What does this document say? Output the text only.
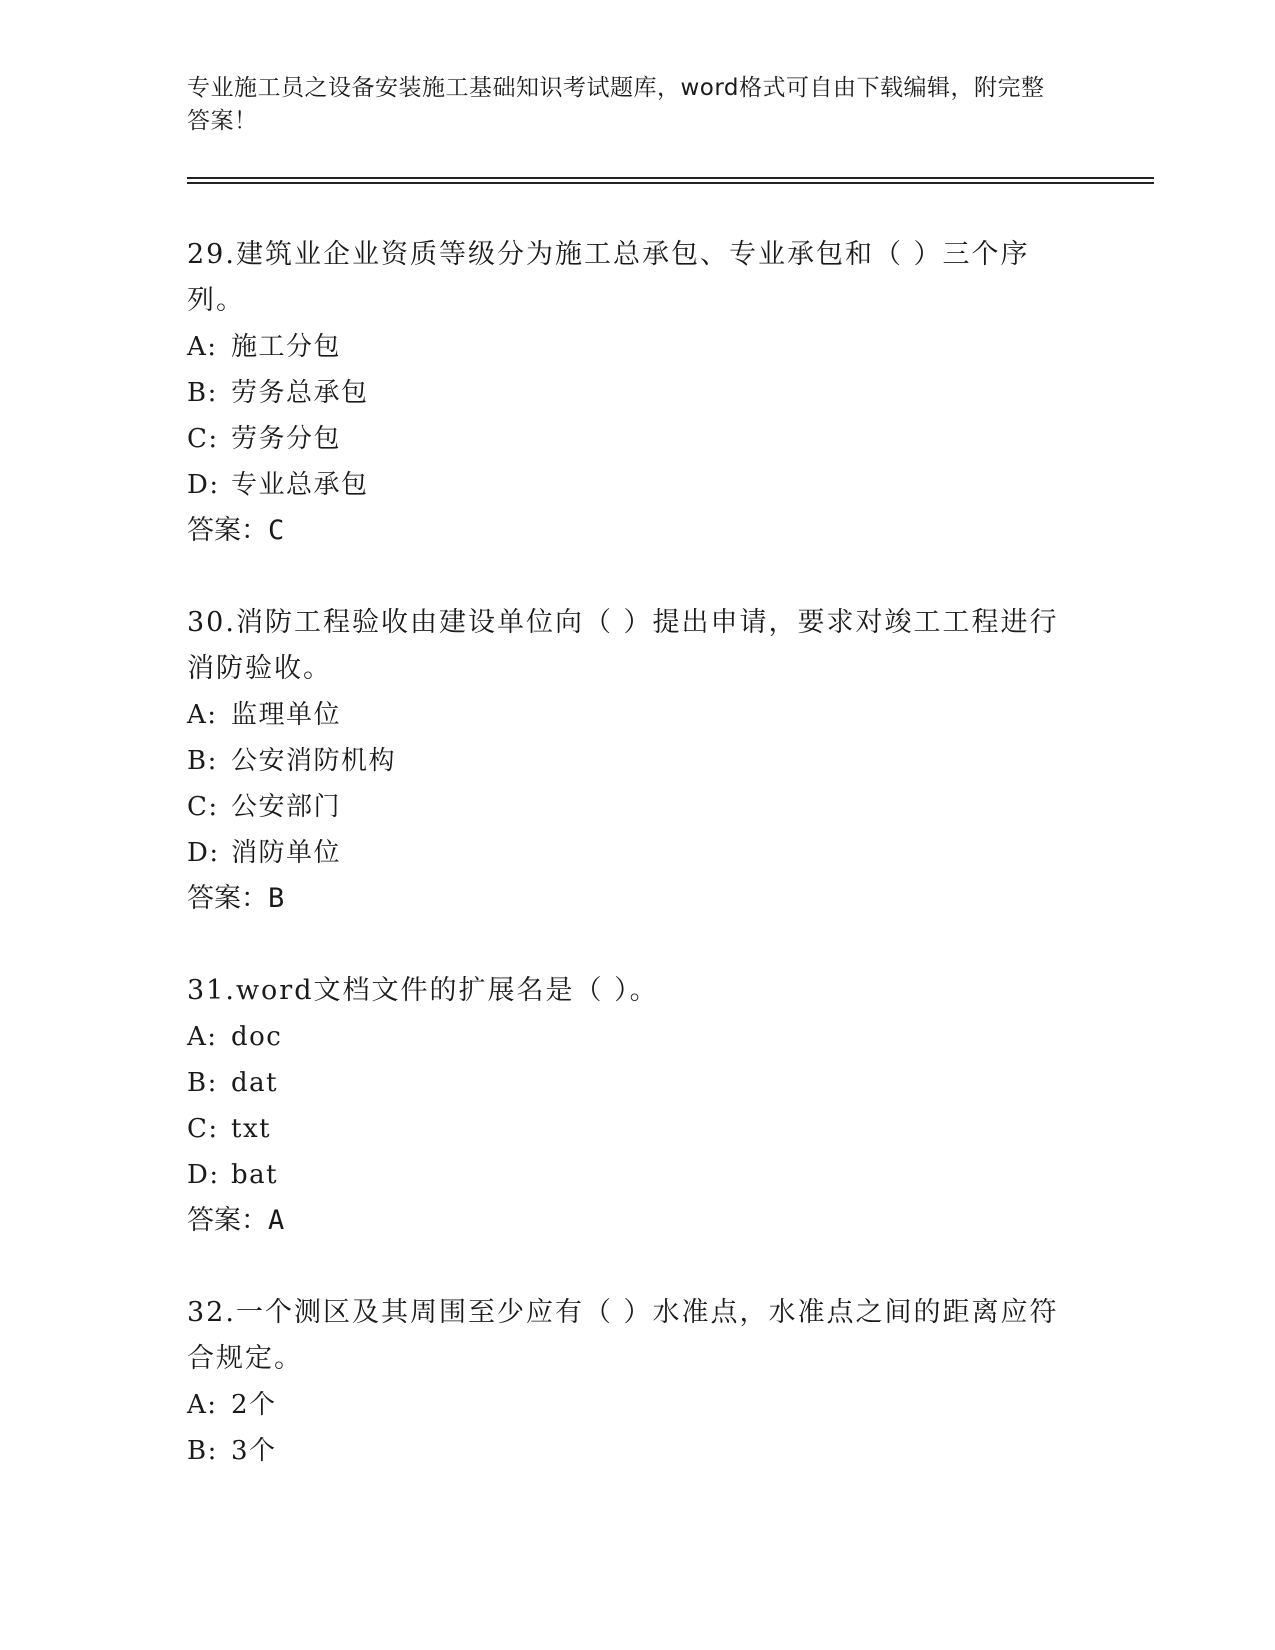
专业施工员之设备安装施工基础知识考试题库，word格式可自由下载编辑，附完整答案！

29.建筑业企业资质等级分为施工总承包、专业承包和（ ）三个序列。

A: 施工分包

B: 劳务总承包

C: 劳务分包

D: 专业总承包

答案：C

30.消防工程验收由建设单位向（ ）提出申请，要求对竣工工程进行消防验收。

A: 监理单位

B: 公安消防机构

C: 公安部门

D: 消防单位

答案：B

31.word文档文件的扩展名是（ ）。

A: doc

B: dat

C: txt

D: bat

答案：A

32.一个测区及其周围至少应有（ ）水准点，水准点之间的距离应符合规定。

A: 2个

B: 3个
